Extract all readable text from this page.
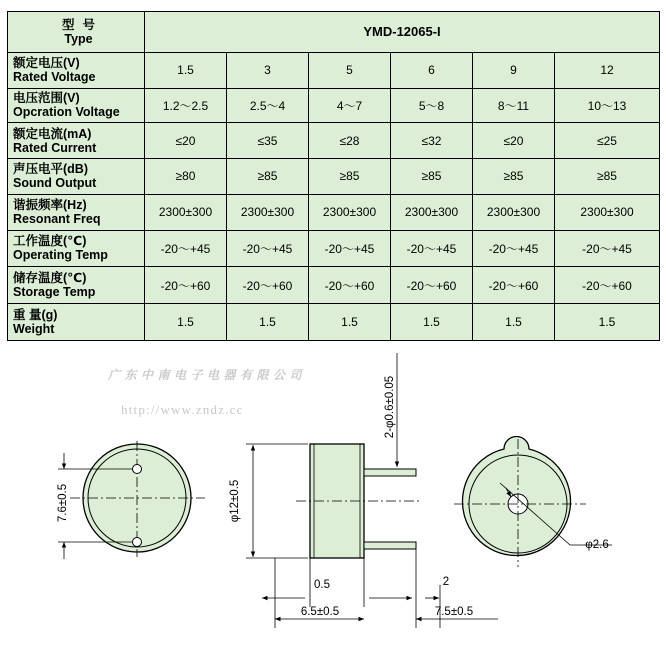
型号
Type	YMD-12065-I					

额定电压(V)
Rated Voltage	1.5	3	5	6	9	12

电压范围(V)
Opcration Voltage	1.2～2.5	2.5～4	4～7	5～8	8～11	10～13

额定电流(mA)
Rated Current	≤20	≤35	≤28	≤32	≤20	≤25

声压电平(dB)
Sound Output	≥80	≥85	≥85	≥85	≥85	≥85

谐振频率(Hz)
Resonant Freq	2300±300	2300±300	2300±300	2300±300	2300±300	2300±300

工作温度(℃)
Operating Temp	-20～+45	-20～+45	-20～+45	-20～+45	-20～+45	-20～+45

储存温度(℃)
Storage Temp	-20～+60	-20～+60	-20～+60	-20～+60	-20～+60	-20～+60

重 量(g)
Weight	1.5	1.5	1.5	1.5	1.5	1.5
广东中南电子电器有限公司
http://www.zndz.cc
7.6±0.5	φ12±0.5
2-φ0.6±0.05
0.5	2
6.5±0.5	7.5±0.5
φ2.6
